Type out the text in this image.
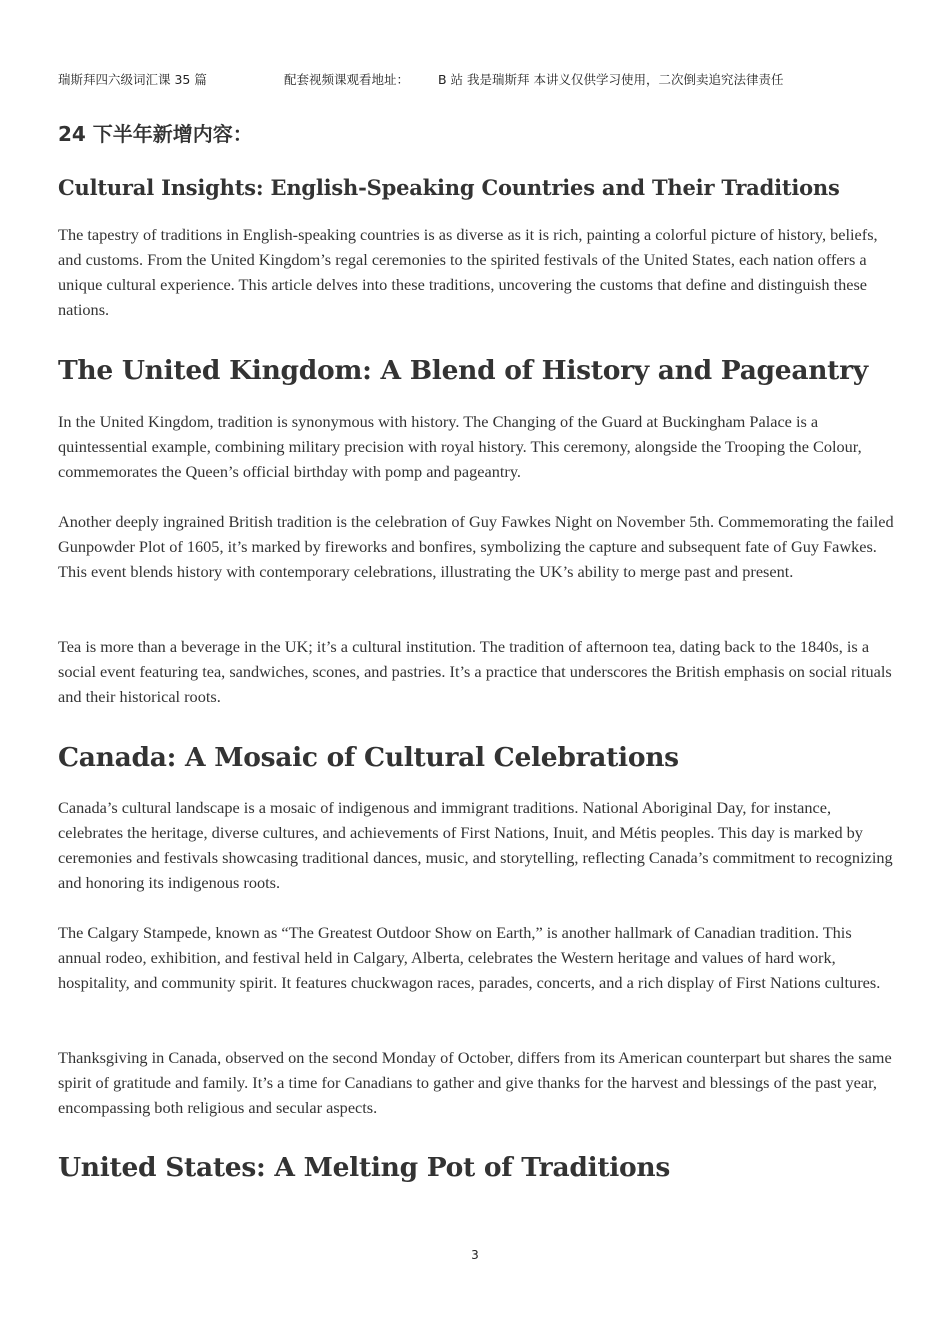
瑞斯拜四六级词汇课 35 篇	配套视频课观看地址： B 站 我是瑞斯拜 本讲义仅供学习使用，二次倒卖追究法律责任
24 下半年新增内容：
Cultural Insights: English-Speaking Countries and Their Traditions

The tapestry of traditions in English-speaking countries is as diverse as it is rich, painting a colorful picture of history, beliefs, and customs. From the United Kingdom’s regal ceremonies to the spirited festivals of the United States, each nation offers a unique cultural experience. This article delves into these traditions, uncovering the customs that define and distinguish these nations.

The United Kingdom: A Blend of History and Pageantry

In the United Kingdom, tradition is synonymous with history. The Changing of the Guard at Buckingham Palace is a quintessential example, combining military precision with royal history. This ceremony, alongside the Trooping the Colour, commemorates the Queen’s official birthday with pomp and pageantry.

Another deeply ingrained British tradition is the celebration of Guy Fawkes Night on November 5th. Commemorating the failed Gunpowder Plot of 1605, it’s marked by fireworks and bonfires, symbolizing the capture and subsequent fate of Guy Fawkes. This event blends history with contemporary celebrations, illustrating the UK’s ability to merge past and present.

Tea is more than a beverage in the UK; it’s a cultural institution. The tradition of afternoon tea, dating back to the 1840s, is a social event featuring tea, sandwiches, scones, and pastries. It’s a practice that underscores the British emphasis on social rituals and their historical roots.

Canada: A Mosaic of Cultural Celebrations

Canada’s cultural landscape is a mosaic of indigenous and immigrant traditions. National Aboriginal Day, for instance, celebrates the heritage, diverse cultures, and achievements of First Nations, Inuit, and Métis peoples. This day is marked by ceremonies and festivals showcasing traditional dances, music, and storytelling, reflecting Canada’s commitment to recognizing and honoring its indigenous roots.

The Calgary Stampede, known as “The Greatest Outdoor Show on Earth,” is another hallmark of Canadian tradition. This annual rodeo, exhibition, and festival held in Calgary, Alberta, celebrates the Western heritage and values of hard work, hospitality, and community spirit. It features chuckwagon races, parades, concerts, and a rich display of First Nations cultures.

Thanksgiving in Canada, observed on the second Monday of October, differs from its American counterpart but shares the same spirit of gratitude and family. It’s a time for Canadians to gather and give thanks for the harvest and blessings of the past year, encompassing both religious and secular aspects.

United States: A Melting Pot of Traditions
3
